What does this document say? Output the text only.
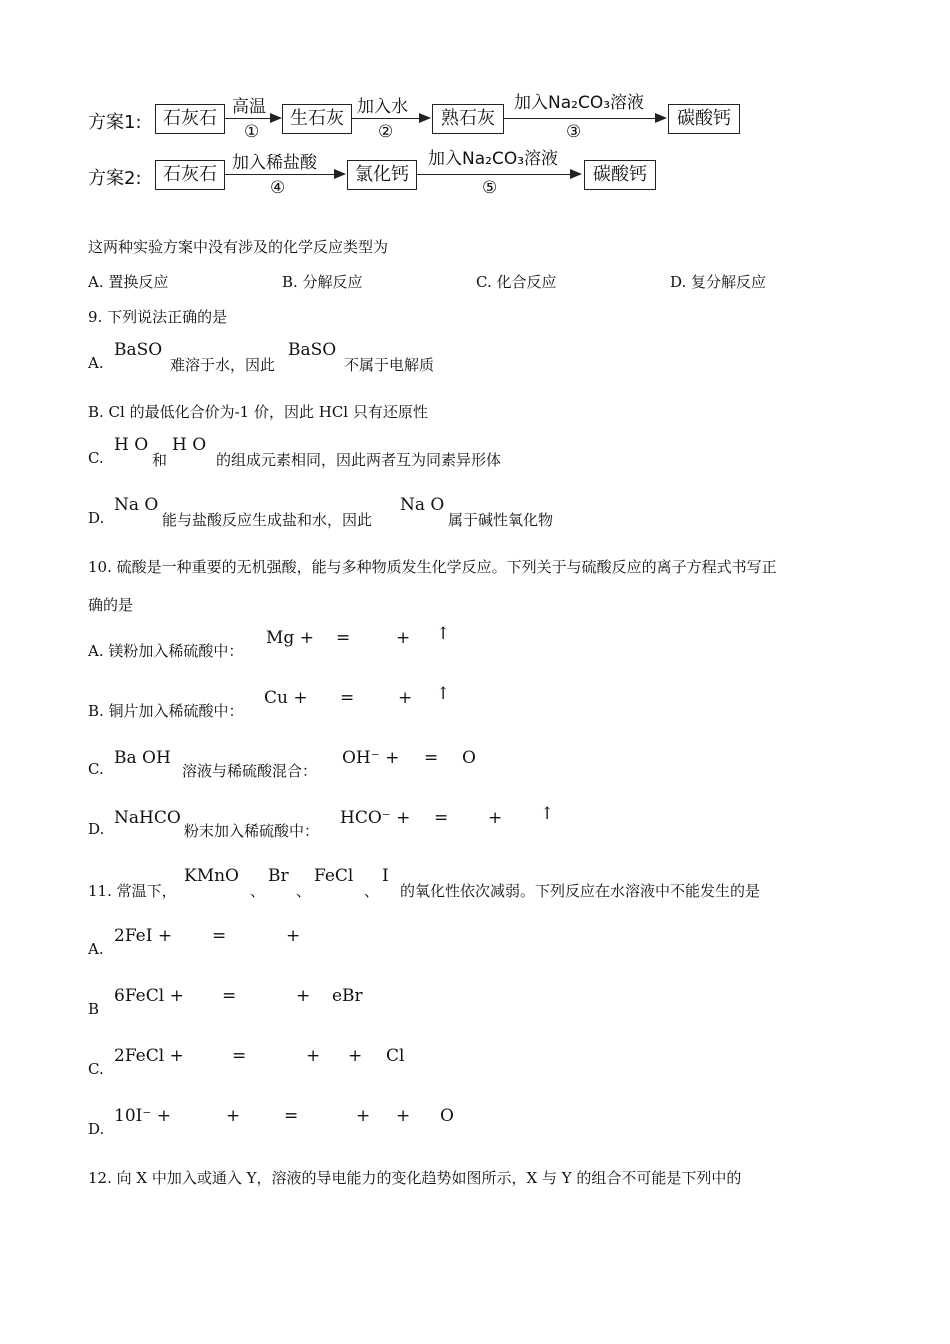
方案1:	石灰石
高温
①
生石灰
加入水
②
熟石灰
加入Na₂CO₃溶液
③
碳酸钙
方案2:	石灰石
加入稀盐酸
④
氯化钙
加入Na₂CO₃溶液
⑤
碳酸钙
这两种实验方案中没有涉及的化学反应类型为
A. 置换反应	B. 分解反应	C. 化合反应	D. 复分解反应
9. 下列说法正确的是
A.
BaSO
难溶于水，因此
BaSO
不属于电解质
B. Cl 的最低化合价为-1 价，因此 HCl 只有还原性
C.
H O
和
H O
的组成元素相同，因此两者互为同素异形体
D.
Na O
能与盐酸反应生成盐和水，因此
Na O
属于碱性氧化物
10. 硫酸是一种重要的无机强酸，能与多种物质发生化学反应。下列关于与硫酸反应的离子方程式书写正
确的是
A. 镁粉加入稀硫酸中：
Mg + =	+ ↑
B. 铜片加入稀硫酸中：
Cu + =	+ ↑
C.
Ba OH
溶液与稀硫酸混合：
OH⁻ + = O
D.
NaHCO
粉末加入稀硫酸中：
HCO⁻ + = + ↑
11. 常温下，
KMnO
、
Br
、
FeCl
、
I
的氧化性依次减弱。下列反应在水溶液中不能发生的是
A.
2FeI + =	+
B
6FeCl + =	+ eBr
C.
2FeCl +	=	+ + Cl
D.
10I⁻ +	+	=	+ + O
12. 向 X 中加入或通入 Y，溶液的导电能力的变化趋势如图所示，X 与 Y 的组合不可能是下列中的
